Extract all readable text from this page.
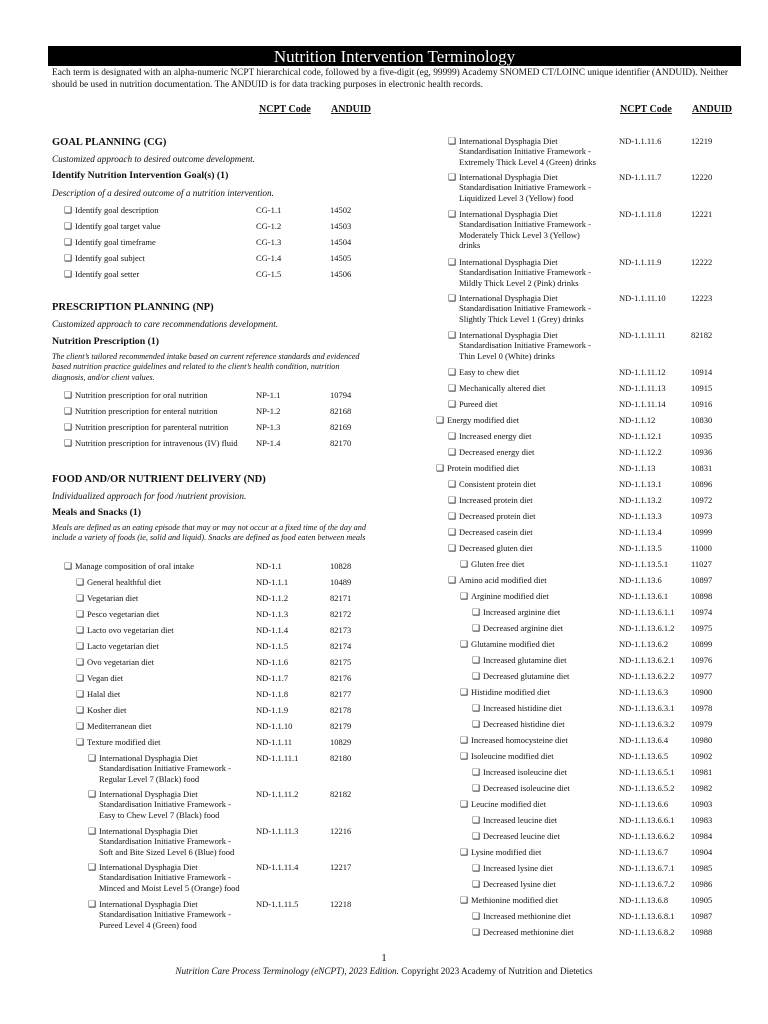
Nutrition Intervention Terminology
Each term is designated with an alpha-numeric NCPT hierarchical code, followed by a five-digit (eg, 99999) Academy SNOMED CT/LOINC unique identifier (ANDUID). Neither should be used in nutrition documentation. The ANDUID is for data tracking purposes in electronic health records.
NCPT Code ANDUID	NCPT Code ANDUID
GOAL PLANNING (CG)
Customized approach to desired outcome development.
Identify Nutrition Intervention Goal(s) (1)
Description of a desired outcome of a nutrition intervention.
❑ Identify goal description	CG-1.1	14502
❑ Identify goal target value	CG-1.2	14503
❑ Identify goal timeframe	CG-1.3	14504
❑ Identify goal subject	CG-1.4	14505
❑ Identify goal setter	CG-1.5	14506
PRESCRIPTION PLANNING (NP)
Customized approach to care recommendations development.
Nutrition Prescription (1)
The client’s tailored recommended intake based on current reference standards and evidenced based nutrition practice guidelines and related to the client’s health condition, nutrition diagnosis, and/or client values.
❑ Nutrition prescription for oral nutrition	NP-1.1	10794
❑ Nutrition prescription for enteral nutrition	NP-1.2	82168
❑ Nutrition prescription for parenteral nutrition	NP-1.3	82169
❑ Nutrition prescription for intravenous (IV) fluid	NP-1.4	82170
FOOD AND/OR NUTRIENT DELIVERY (ND)
Individualized approach for food /nutrient provision.
Meals and Snacks (1)
Meals are defined as an eating episode that may or may not occur at a fixed time of the day and include a variety of foods (ie, solid and liquid). Snacks are defined as food eaten between meals
❑ Manage composition of oral intake	ND-1.1	10828
❑ General healthful diet	ND-1.1.1	10489
❑ Vegetarian diet	ND-1.1.2	82171
❑ Pesco vegetarian diet	ND-1.1.3	82172
❑ Lacto ovo vegetarian diet	ND-1.1.4	82173
❑ Lacto vegetarian diet	ND-1.1.5	82174
❑ Ovo vegetarian diet	ND-1.1.6	82175
❑ Vegan diet	ND-1.1.7	82176
❑ Halal diet	ND-1.1.8	82177
❑ Kosher diet	ND-1.1.9	82178
❑ Mediterranean diet	ND-1.1.10	82179
❑ Texture modified diet	ND-1.1.11	10829
❑ International Dysphagia Diet
Standardisation Initiative Framework -
Regular Level 7 (Black) food
ND-1.1.11.1	82180
❑ International Dysphagia Diet
Standardisation Initiative Framework -
Easy to Chew Level 7 (Black) food
ND-1.1.11.2	82182
❑ International Dysphagia Diet
Standardisation Initiative Framework -
Soft and Bite Sized Level 6 (Blue) food
ND-1.1.11.3	12216
❑ International Dysphagia Diet
Standardisation Initiative Framework -
Minced and Moist Level 5 (Orange) food
ND-1.1.11.4	12217
❑ International Dysphagia Diet
Standardisation Initiative Framework -
Pureed Level 4 (Green) food
ND-1.1.11.5	12218
❑ International Dysphagia Diet
Standardisation Initiative Framework -
Extremely Thick Level 4 (Green) drinks
ND-1.1.11.6	12219
❑ International Dysphagia Diet
Standardisation Initiative Framework -
Liquidized Level 3 (Yellow) food
ND-1.1.11.7	12220
❑ International Dysphagia Diet
Standardisation Initiative Framework -
Moderately Thick Level 3 (Yellow)
drinks
ND-1.1.11.8	12221
❑ International Dysphagia Diet
Standardisation Initiative Framework -
Mildly Thick Level 2 (Pink) drinks
ND-1.1.11.9	12222
❑ International Dysphagia Diet
Standardisation Initiative Framework -
Slightly Thick Level 1 (Grey) drinks
ND-1.1.11.10	12223
❑ International Dysphagia Diet
Standardisation Initiative Framework -
Thin Level 0 (White) drinks
ND-1.1.11.11	82182
❑ Easy to chew diet	ND-1.1.11.12	10914
❑ Mechanically altered diet	ND-1.1.11.13	10915
❑ Pureed diet	ND-1.1.11.14	10916
❑ Energy modified diet	ND-1.1.12	10830
❑ Increased energy diet	ND-1.1.12.1	10935
❑ Decreased energy diet	ND-1.1.12.2	10936
❑ Protein modified diet	ND-1.1.13	10831
❑ Consistent protein diet	ND-1.1.13.1	10896
❑ Increased protein diet	ND-1.1.13.2	10972
❑ Decreased protein diet	ND-1.1.13.3	10973
❑ Decreased casein diet	ND-1.1.13.4	10999
❑ Decreased gluten diet	ND-1.1.13.5	11000
❑ Gluten free diet	ND-1.1.13.5.1	11027
❑ Amino acid modified diet	ND-1.1.13.6	10897
❑ Arginine modified diet	ND-1.1.13.6.1	10898
❑ Increased arginine diet	ND-1.1.13.6.1.1 10974
❑ Decreased arginine diet	ND-1.1.13.6.1.2 10975
❑ Glutamine modified diet	ND-1.1.13.6.2	10899
❑ Increased glutamine diet	ND-1.1.13.6.2.1 10976
❑ Decreased glutamine diet	ND-1.1.13.6.2.2 10977
❑ Histidine modified diet	ND-1.1.13.6.3	10900
❑ Increased histidine diet	ND-1.1.13.6.3.1 10978
❑ Decreased histidine diet	ND-1.1.13.6.3.2 10979
❑ Increased homocysteine diet	ND-1.1.13.6.4	10980
❑ Isoleucine modified diet	ND-1.1.13.6.5	10902
❑ Increased isoleucine diet	ND-1.1.13.6.5.1 10981
❑ Decreased isoleucine diet	ND-1.1.13.6.5.2 10982
❑ Leucine modified diet	ND-1.1.13.6.6	10903
❑ Increased leucine diet	ND-1.1.13.6.6.1 10983
❑ Decreased leucine diet	ND-1.1.13.6.6.2 10984
❑ Lysine modified diet	ND-1.1.13.6.7	10904
❑ Increased lysine diet	ND-1.1.13.6.7.1 10985
❑ Decreased lysine diet	ND-1.1.13.6.7.2 10986
❑ Methionine modified diet	ND-1.1.13.6.8	10905
❑ Increased methionine diet	ND-1.1.13.6.8.1 10987
❑ Decreased methionine diet	ND-1.1.13.6.8.2 10988
1
Nutrition Care Process Terminology (eNCPT), 2023 Edition. Copyright 2023 Academy of Nutrition and Dietetics
